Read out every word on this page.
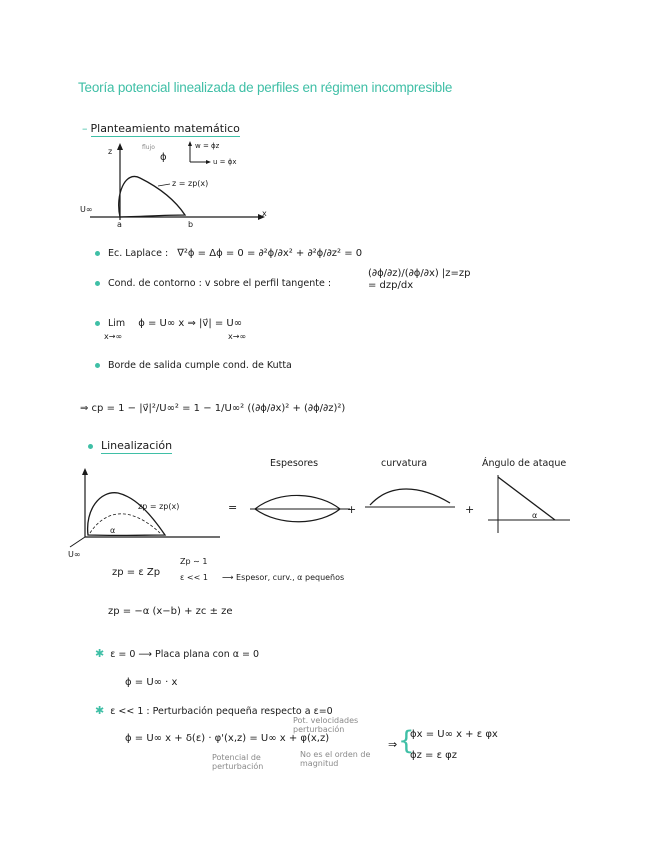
Teoría potencial linealizada de perfiles en régimen incompresible
– Planteamiento matemático
z
x
U∞
a	b
flujo
ϕ
w = ϕz
u = ϕx
z = zp(x)
Ec. Laplace : ∇²ϕ = Δϕ = 0 = ∂²ϕ/∂x² + ∂²ϕ/∂z² = 0
Cond. de contorno : v sobre el perfil tangente :
(∂ϕ/∂z)/(∂ϕ/∂x) |z=zp = dzp/dx
Lim ϕ = U∞ x ⇒ |v⃗| = U∞
x→∞	x→∞
Borde de salida cumple cond. de Kutta
⇒ cp = 1 − |v⃗|²/U∞² = 1 − 1/U∞² ((∂ϕ/∂x)² + (∂ϕ/∂z)²)
Linealización
Espesores	curvatura	Ángulo de ataque
zp = zp(x)
α
U∞
=	+	+	α
zp = ε Zp
Zp ∼ 1
ε << 1 ⟶ Espesor, curv., α pequeños
zp = −α (x−b) + zc ± ze
✱ ε = 0 ⟶ Placa plana con α = 0
ϕ = U∞ · x
✱ ε << 1 : Perturbación pequeña respecto a ε=0
Pot. velocidades perturbación
ϕ = U∞ x + δ(ε) · φ'(x,z) = U∞ x + φ(x,z)
Potencial de perturbación
No es el orden de magnitud
⇒ {
ϕx = U∞ x + ε φx
ϕz = ε φz
